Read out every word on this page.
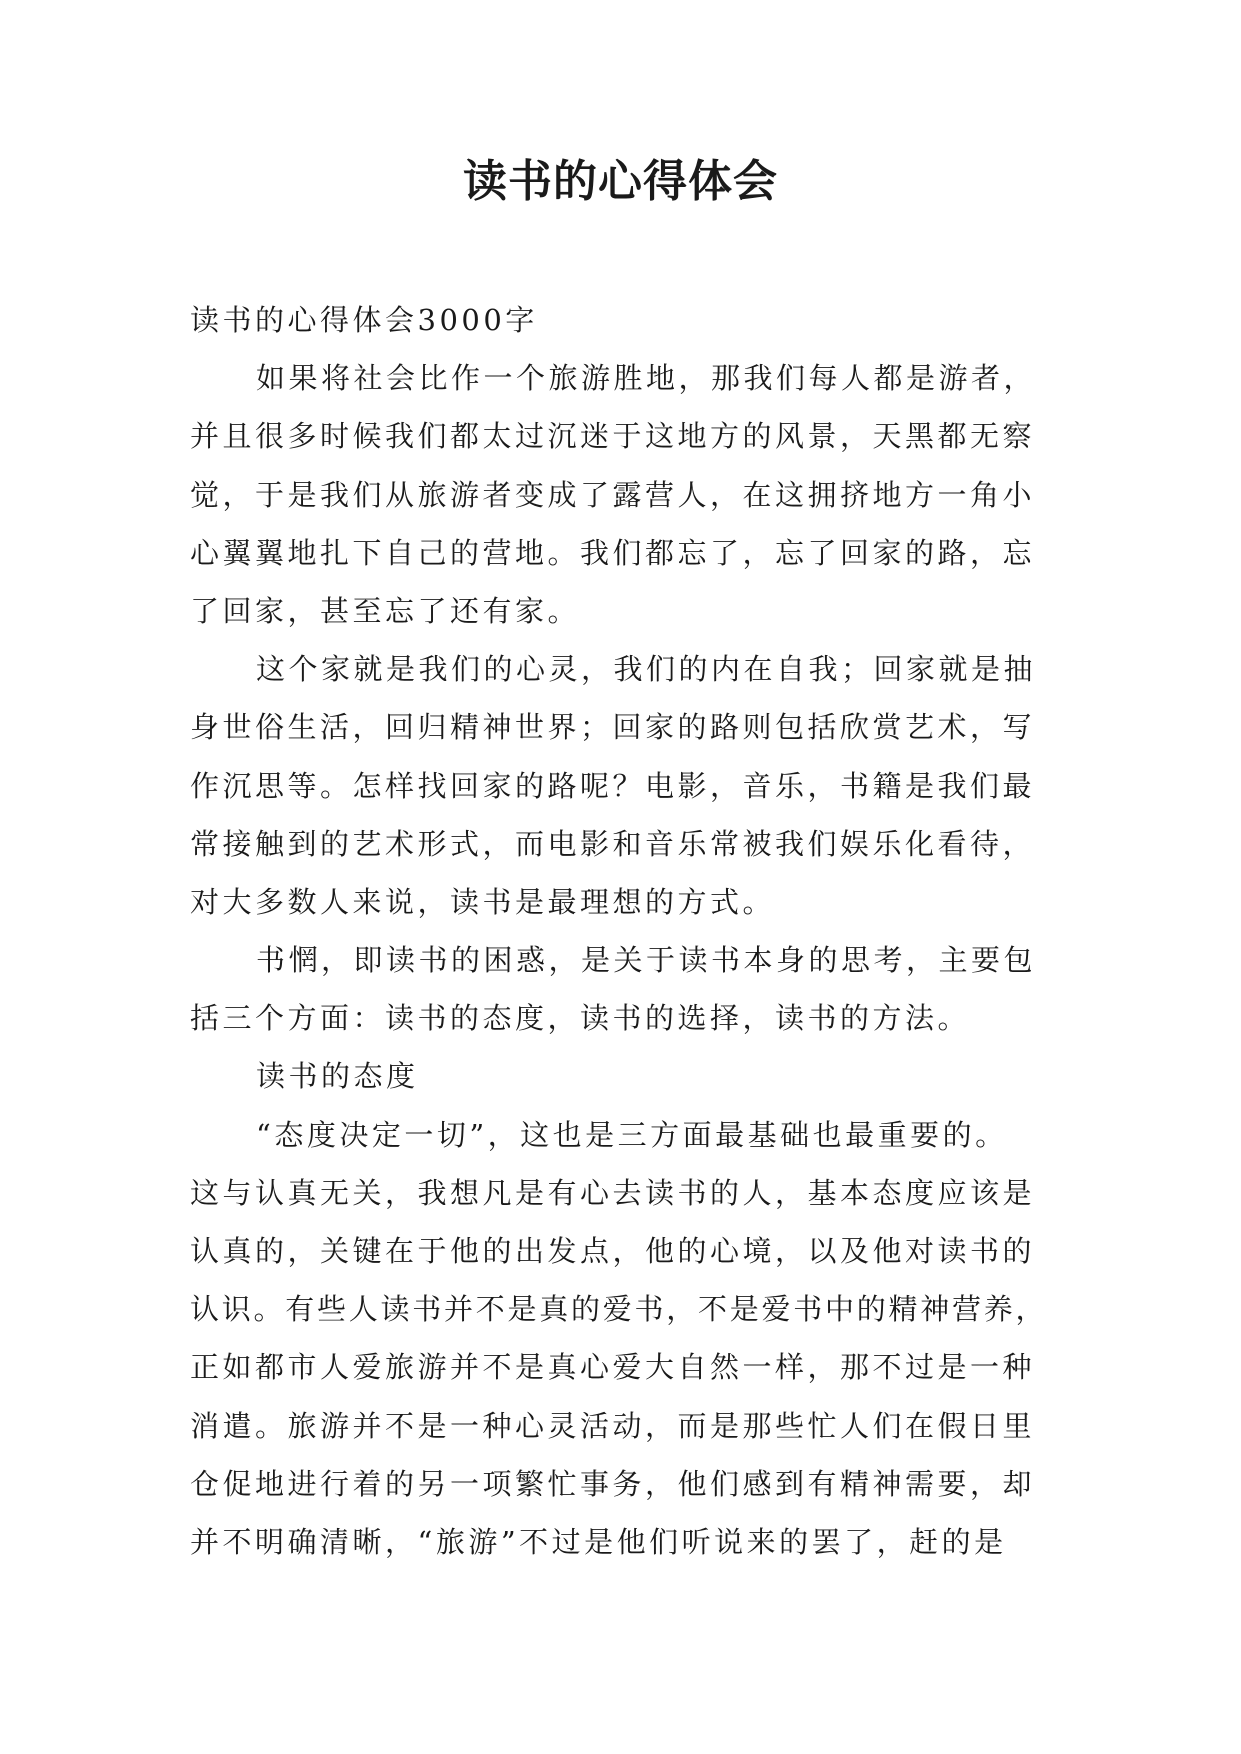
读书的心得体会
读书的心得体会3000字
如果将社会比作一个旅游胜地，那我们每人都是游者，
并且很多时候我们都太过沉迷于这地方的风景，天黑都无察
觉，于是我们从旅游者变成了露营人，在这拥挤地方一角小
心翼翼地扎下自己的营地。我们都忘了，忘了回家的路，忘
了回家，甚至忘了还有家。
这个家就是我们的心灵，我们的内在自我；回家就是抽
身世俗生活，回归精神世界；回家的路则包括欣赏艺术，写
作沉思等。怎样找回家的路呢？电影，音乐，书籍是我们最
常接触到的艺术形式，而电影和音乐常被我们娱乐化看待，
对大多数人来说，读书是最理想的方式。
书惘，即读书的困惑，是关于读书本身的思考，主要包
括三个方面：读书的态度，读书的选择，读书的方法。
读书的态度
“态度决定一切”，这也是三方面最基础也最重要的。
这与认真无关，我想凡是有心去读书的人，基本态度应该是
认真的，关键在于他的出发点，他的心境，以及他对读书的
认识。有些人读书并不是真的爱书，不是爱书中的精神营养，
正如都市人爱旅游并不是真心爱大自然一样，那不过是一种
消遣。旅游并不是一种心灵活动，而是那些忙人们在假日里
仓促地进行着的另一项繁忙事务，他们感到有精神需要，却
并不明确清晰，“旅游”不过是他们听说来的罢了，赶的是
